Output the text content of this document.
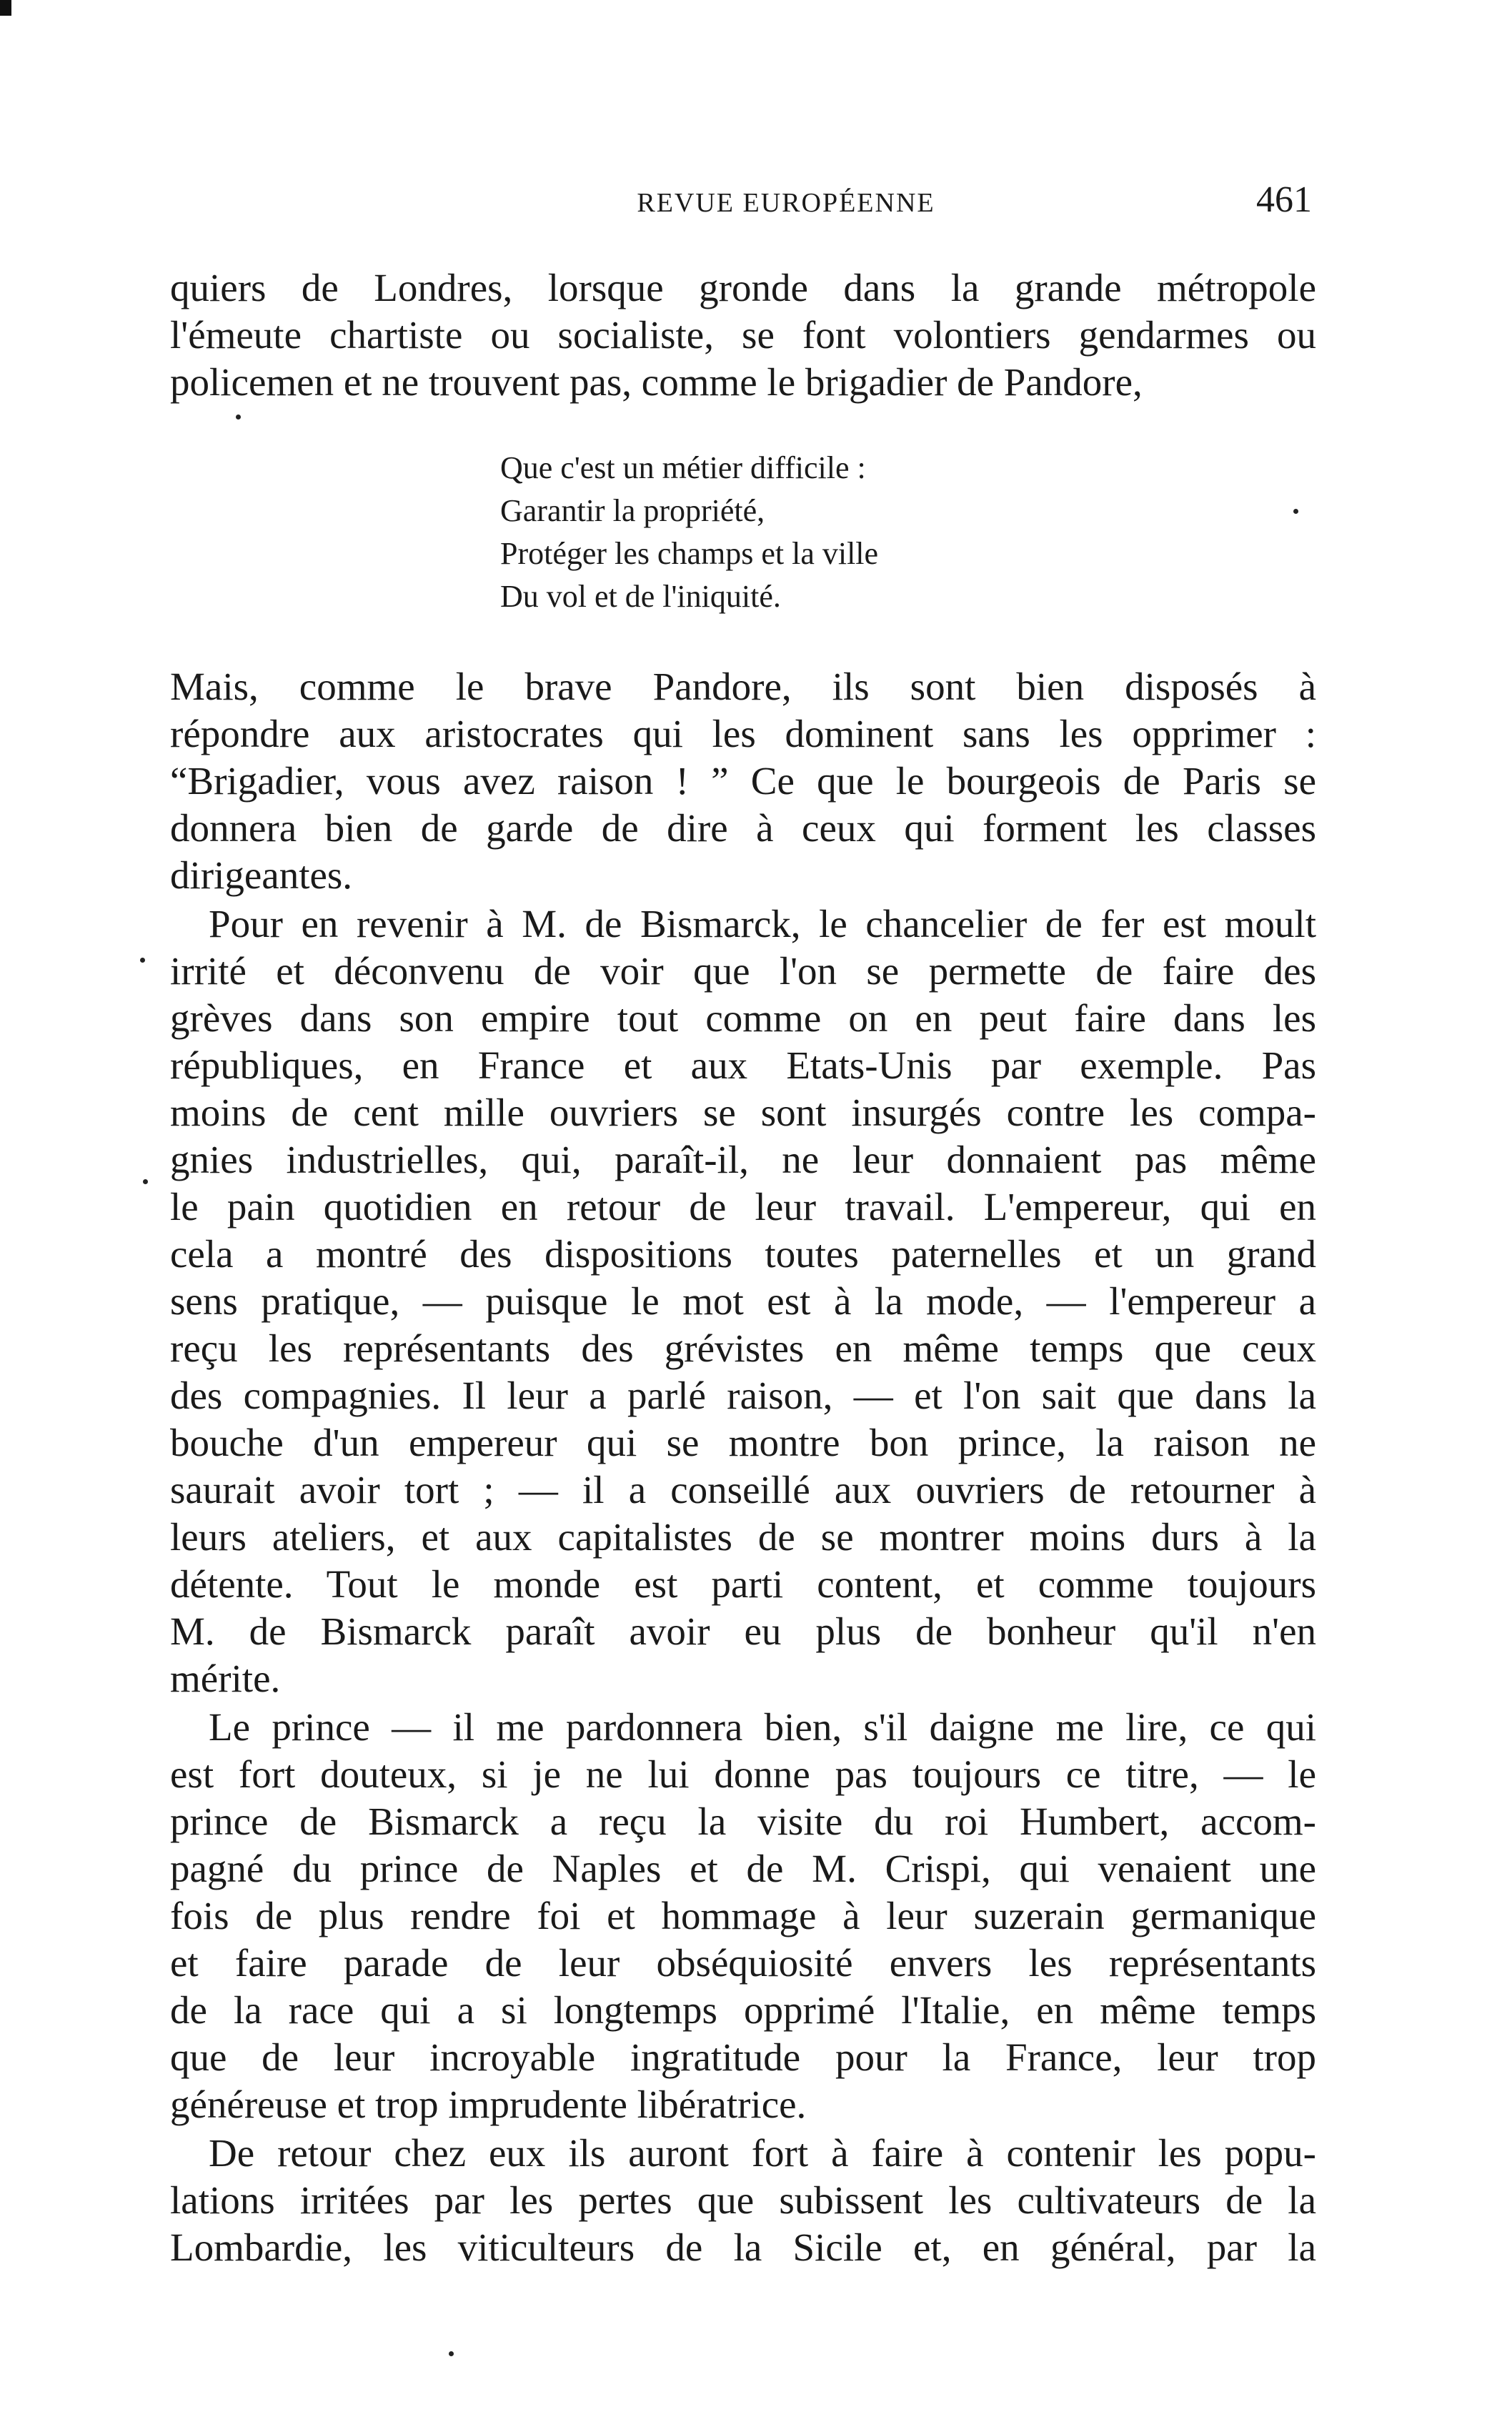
REVUE EUROPÉENNE	461
quiers de Londres, lorsque gronde dans la grande métropole
l'émeute chartiste ou socialiste, se font volontiers gendarmes ou
policemen et ne trouvent pas, comme le brigadier de Pandore,
Que c'est un métier difficile :
Garantir la propriété,
Protéger les champs et la ville
Du vol et de l'iniquité.
Mais, comme le brave Pandore, ils sont bien disposés à
répondre aux aristocrates qui les dominent sans les opprimer :
“Brigadier, vous avez raison ! ” Ce que le bourgeois de Paris se
donnera bien de garde de dire à ceux qui forment les classes
dirigeantes.
Pour en revenir à M. de Bismarck, le chancelier de fer est moult
irrité et déconvenu de voir que l'on se permette de faire des
grèves dans son empire tout comme on en peut faire dans les
républiques, en France et aux Etats-Unis par exemple. Pas
moins de cent mille ouvriers se sont insurgés contre les compa-
gnies industrielles, qui, paraît-il, ne leur donnaient pas même
le pain quotidien en retour de leur travail. L'empereur, qui en
cela a montré des dispositions toutes paternelles et un grand
sens pratique, — puisque le mot est à la mode, — l'empereur a
reçu les représentants des grévistes en même temps que ceux
des compagnies. Il leur a parlé raison, — et l'on sait que dans la
bouche d'un empereur qui se montre bon prince, la raison ne
saurait avoir tort ; — il a conseillé aux ouvriers de retourner à
leurs ateliers, et aux capitalistes de se montrer moins durs à la
détente. Tout le monde est parti content, et comme toujours
M. de Bismarck paraît avoir eu plus de bonheur qu'il n'en
mérite.
Le prince — il me pardonnera bien, s'il daigne me lire, ce qui
est fort douteux, si je ne lui donne pas toujours ce titre, — le
prince de Bismarck a reçu la visite du roi Humbert, accom-
pagné du prince de Naples et de M. Crispi, qui venaient une
fois de plus rendre foi et hommage à leur suzerain germanique
et faire parade de leur obséquiosité envers les représentants
de la race qui a si longtemps opprimé l'Italie, en même temps
que de leur incroyable ingratitude pour la France, leur trop
généreuse et trop imprudente libératrice.
De retour chez eux ils auront fort à faire à contenir les popu-
lations irritées par les pertes que subissent les cultivateurs de la
Lombardie, les viticulteurs de la Sicile et, en général, par la
